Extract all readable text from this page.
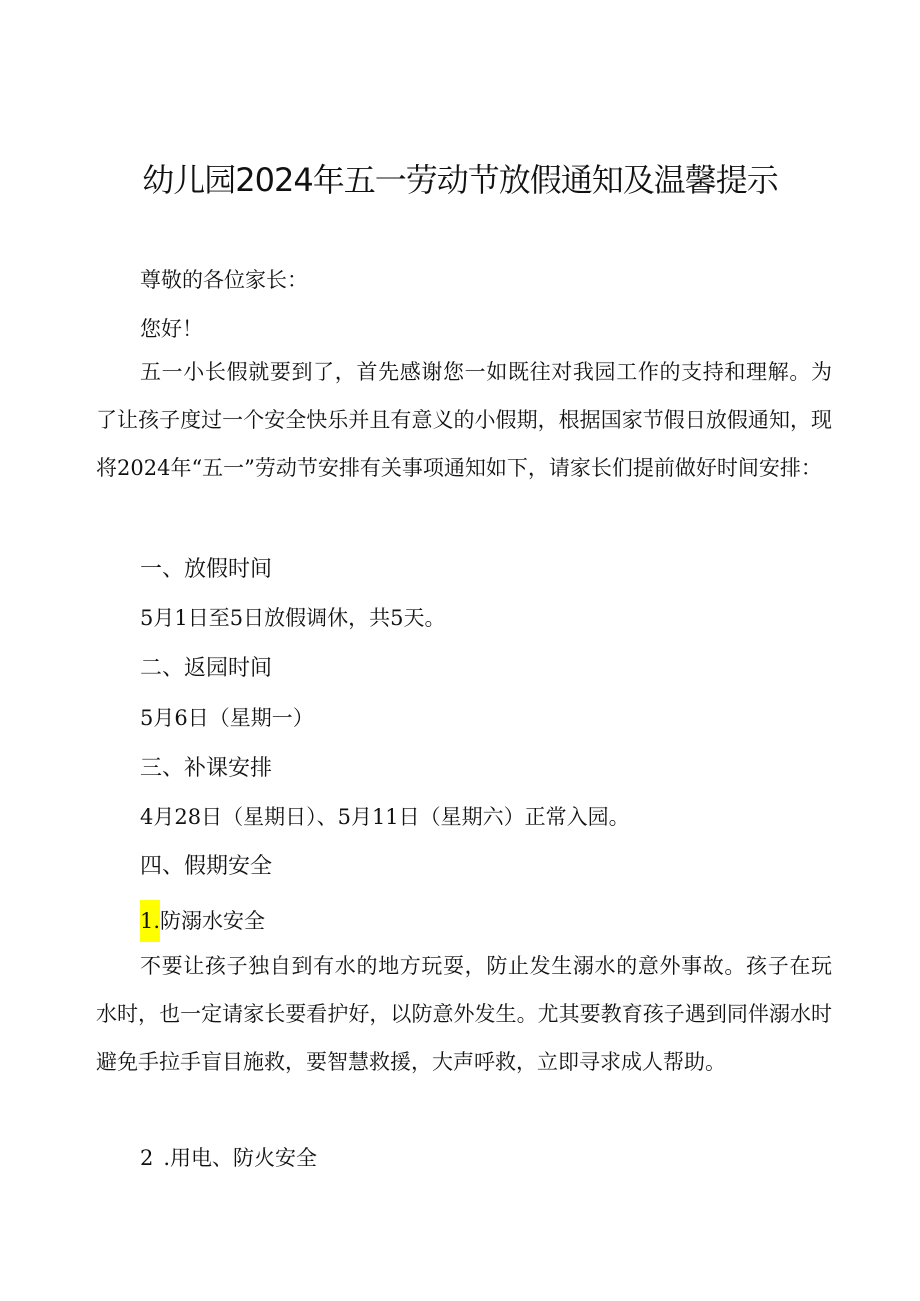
幼儿园2024年五一劳动节放假通知及温馨提示

尊敬的各位家长：

您好！

五一小长假就要到了，首先感谢您一如既往对我园工作的支持和理解。为了让孩子度过一个安全快乐并且有意义的小假期，根据国家节假日放假通知，现将2024年“五一”劳动节安排有关事项通知如下，请家长们提前做好时间安排：

一、放假时间

5月1日至5日放假调休，共5天。

二、返园时间

5月6日（星期一）

三、补课安排

4月28日（星期日）、5月11日（星期六）正常入园。

四、假期安全

1.防溺水安全

不要让孩子独自到有水的地方玩耍，防止发生溺水的意外事故。孩子在玩水时，也一定请家长要看护好，以防意外发生。尤其要教育孩子遇到同伴溺水时避免手拉手盲目施救，要智慧救援，大声呼救，立即寻求成人帮助。

2 .用电、防火安全
